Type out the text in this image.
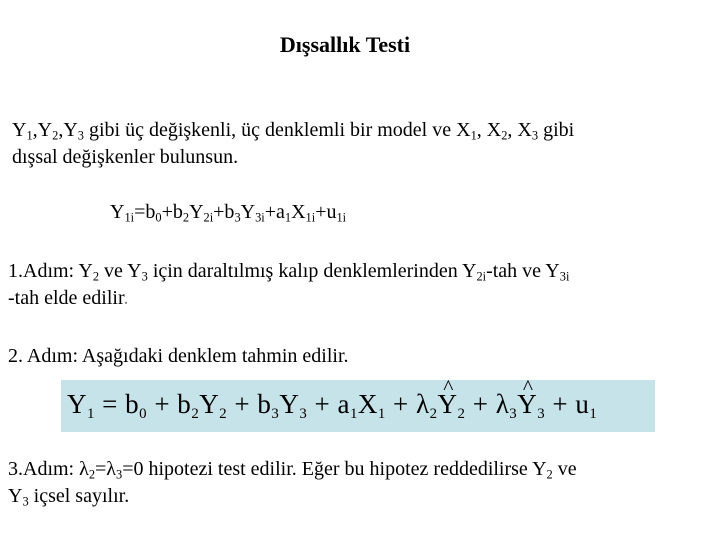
Dışsallık Testi
$Y_1,Y_2,Y_3$ gibi üç değişkenli, üç denklemli bir model ve $X_1$, $X_2$, $X_3$ gibi
dışsal değişkenler bulunsun.
$Y_{1i}=b_0+b_2Y_{2i}+b_3Y_{3i}+a_1X_{1i}+u_{1i}$
1.Adım: $Y_2$ ve $Y_3$ için daraltılmış kalıp denklemlerinden $Y_{2i}$-tah ve $Y_{3i}$
-tah elde edilir.
2. Adım: Aşağıdaki denklem tahmin edilir.
$Y_1 = b_0 + b_2Y_2 + b_3Y_3 + a_1X_1$ + $\lambda_2\^{}$ $Y_2$ + $\lambda_3\^{}$ $Y_3 + u_1$
3.Adım: $\lambda_2=\lambda_3=0$ hipotezi test edilir. Eğer bu hipotez reddedilirse $Y_2$ ve
$Y_3$ içsel sayılır.
